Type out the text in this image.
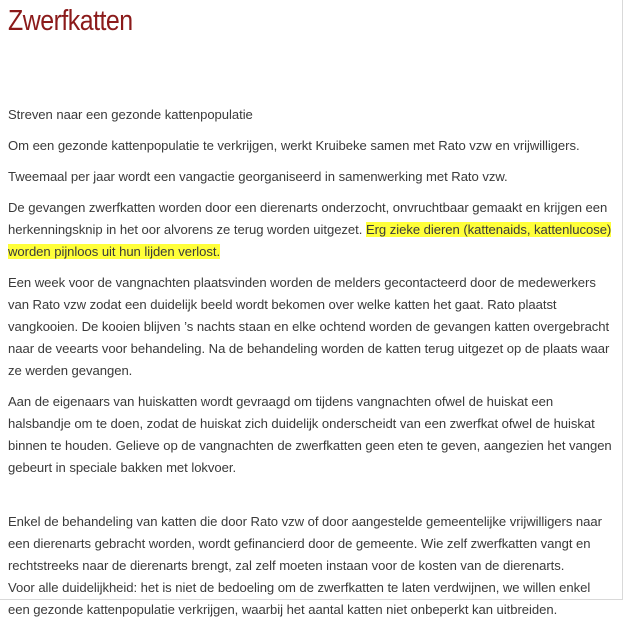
Zwerfkatten

Streven naar een gezonde kattenpopulatie

Om een gezonde kattenpopulatie te verkrijgen, werkt Kruibeke samen met Rato vzw en vrijwilligers.

Tweemaal per jaar wordt een vangactie georganiseerd in samenwerking met Rato vzw.

De gevangen zwerfkatten worden door een dierenarts onderzocht, onvruchtbaar gemaakt en krijgen een herkenningsknip in het oor alvorens ze terug worden uitgezet. Erg zieke dieren (kattenaids, kattenlucose) worden pijnloos uit hun lijden verlost.

Een week voor de vangnachten plaatsvinden worden de melders gecontacteerd door de medewerkers van Rato vzw zodat een duidelijk beeld wordt bekomen over welke katten het gaat. Rato plaatst vangkooien. De kooien blijven ’s nachts staan en elke ochtend worden de gevangen katten overgebracht naar de veearts voor behandeling. Na de behandeling worden de katten terug uitgezet op de plaats waar ze werden gevangen.

Aan de eigenaars van huiskatten wordt gevraagd om tijdens vangnachten ofwel de huiskat een halsbandje om te doen, zodat de huiskat zich duidelijk onderscheidt van een zwerfkat ofwel de huiskat binnen te houden. Gelieve op de vangnachten de zwerfkatten geen eten te geven, aangezien het vangen gebeurt in speciale bakken met lokvoer.

Enkel de behandeling van katten die door Rato vzw of door aangestelde gemeentelijke vrijwilligers naar een dierenarts gebracht worden, wordt gefinancierd door de gemeente. Wie zelf zwerfkatten vangt en rechtstreeks naar de dierenarts brengt, zal zelf moeten instaan voor de kosten van de dierenarts.

Voor alle duidelijkheid: het is niet de bedoeling om de zwerfkatten te laten verdwijnen, we willen enkel een gezonde kattenpopulatie verkrijgen, waarbij het aantal katten niet onbeperkt kan uitbreiden.
